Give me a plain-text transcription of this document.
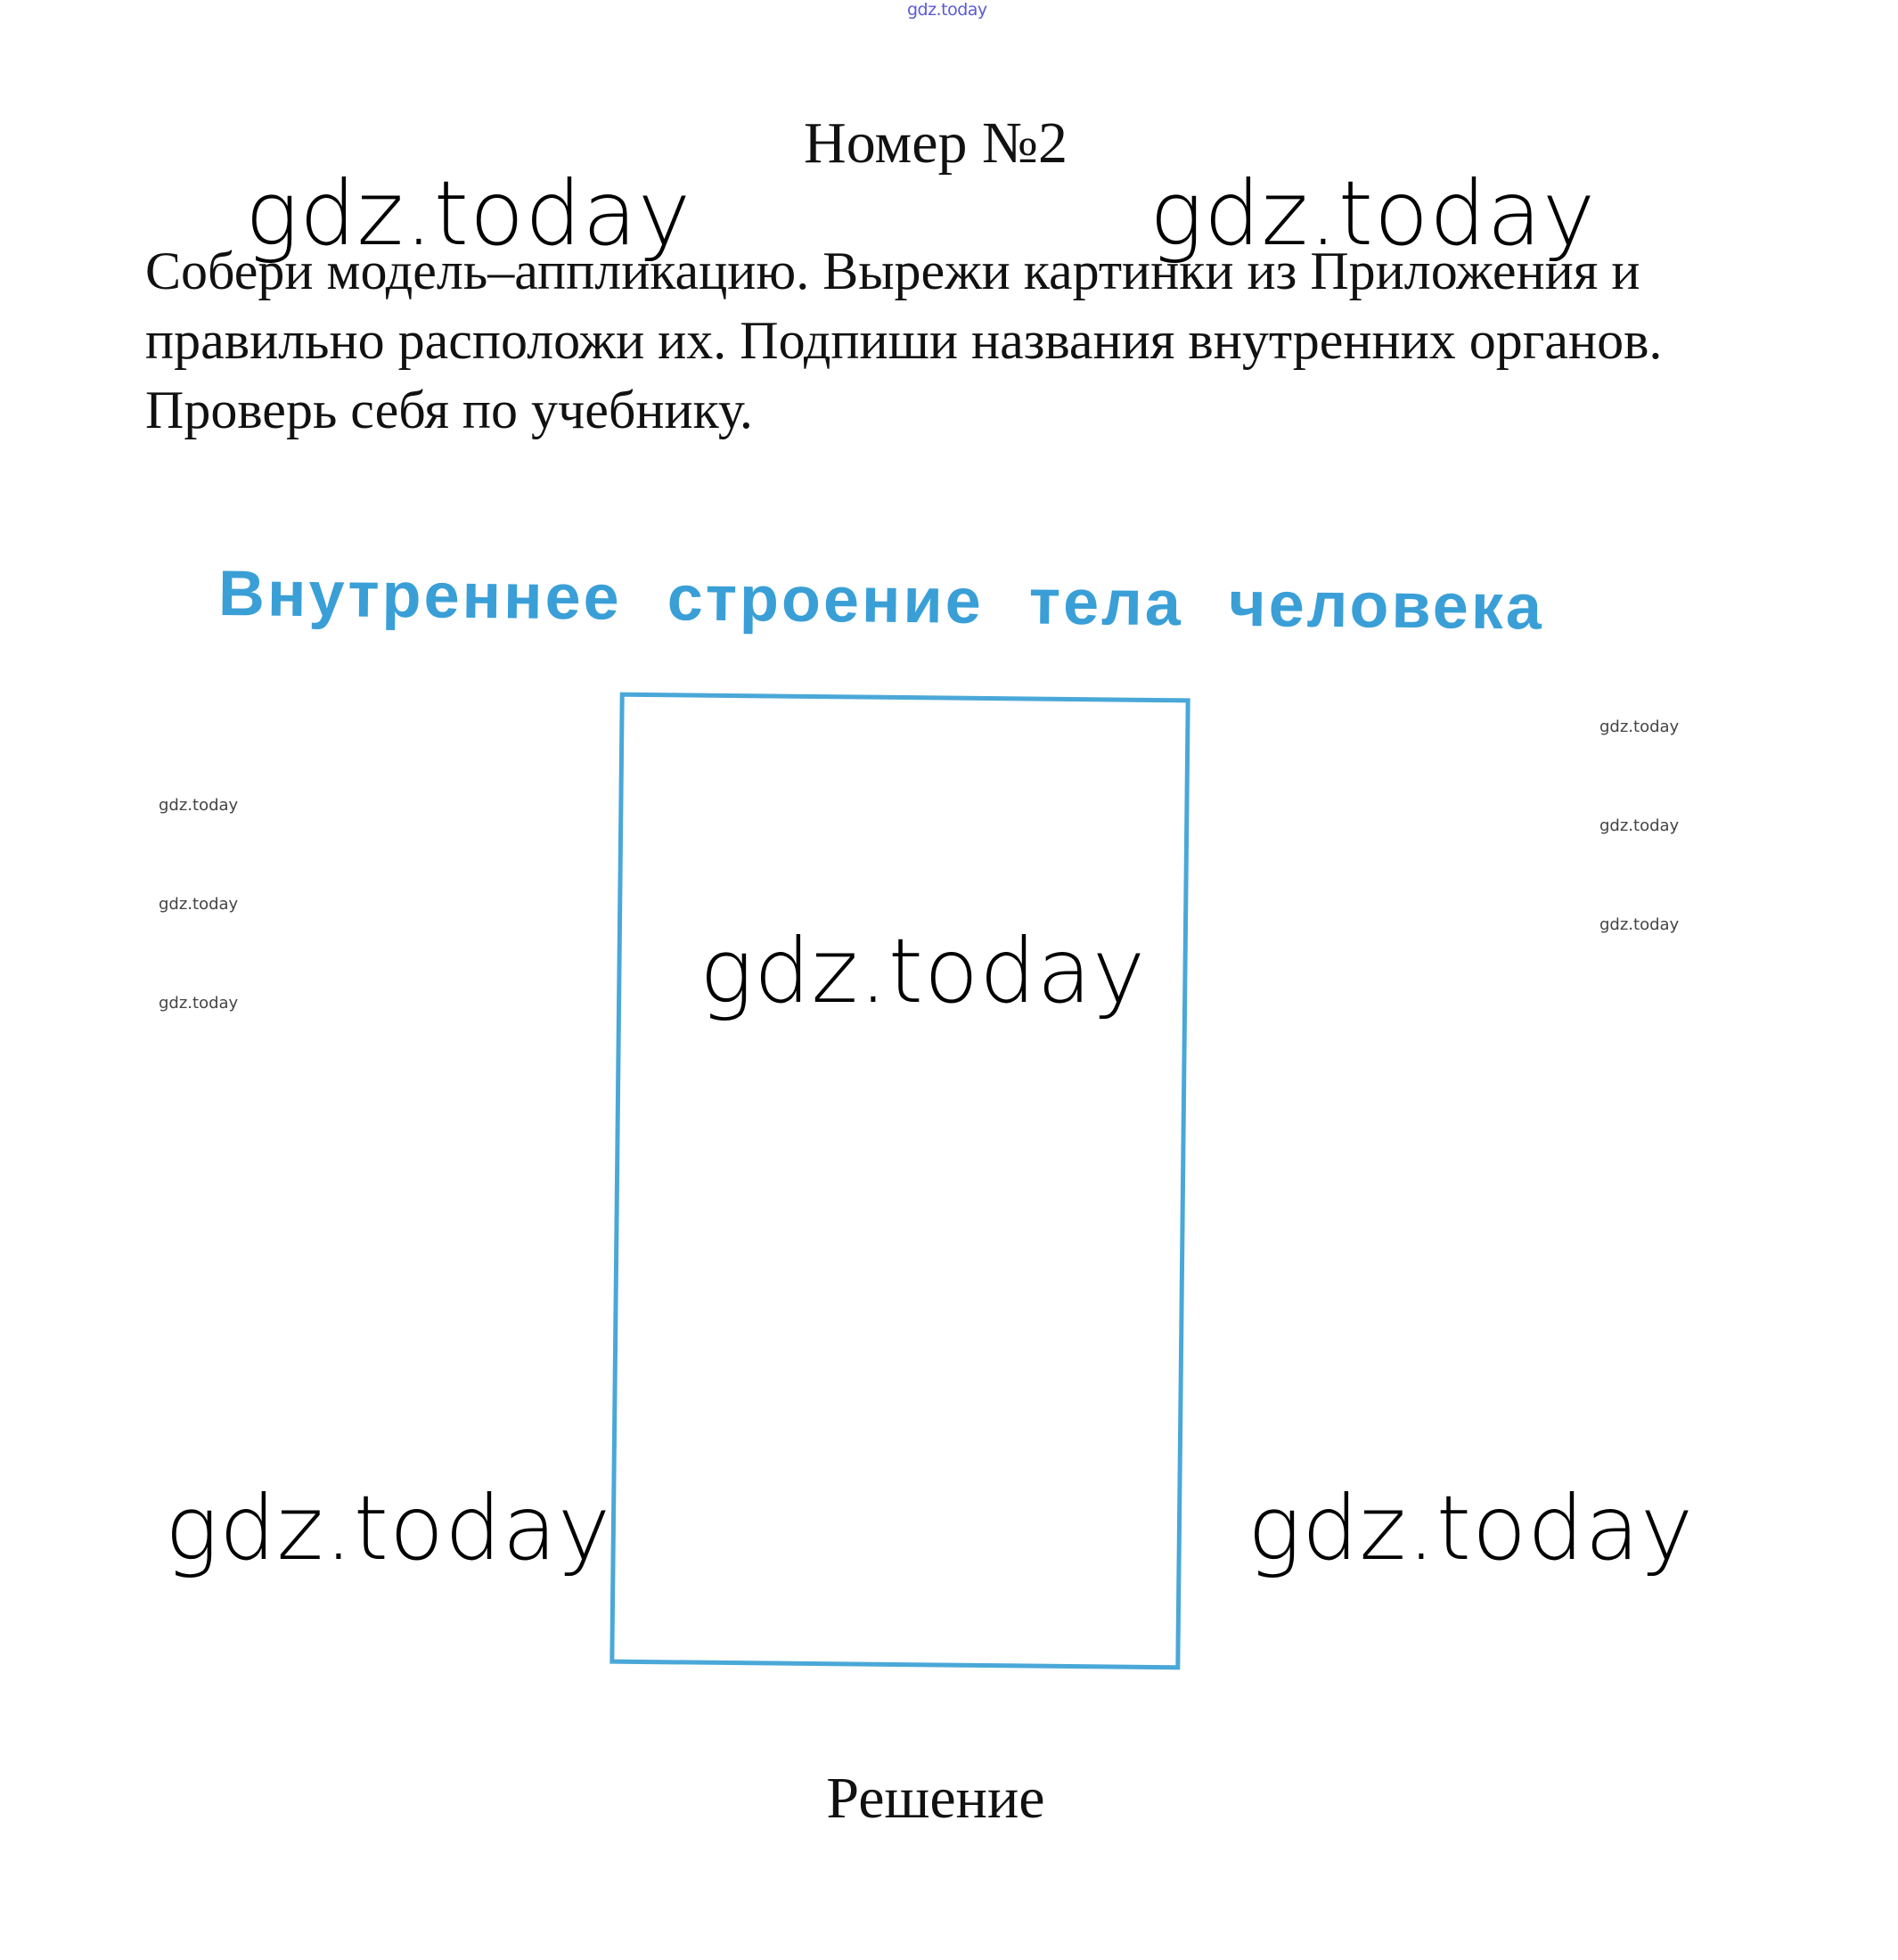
gdz.today
Номер №2
Собери модель–аппликацию. Вырежи картинки из Приложения и правильно расположи их. Подпиши названия внутренних органов. Проверь себя по учебнику.
Внутреннее строение тела человека
gdz.today	gdz.today
gdz.today
gdz.today	gdz.today
gdz.today
gdz.today
gdz.today
gdz.today
gdz.today
gdz.today
Решение
